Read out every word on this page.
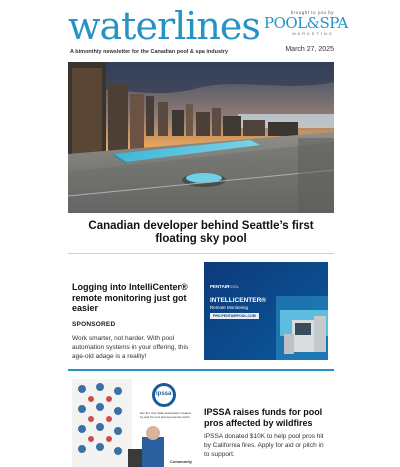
waterlines
A bimonthly newsletter for the Canadian pool & spa industry
brought to you by
POOL&SPA
MARKETING
March 27, 2025
Canadian developer behind Seattle’s first floating sky pool
Logging into IntelliCenter® remote monitoring just got easier
SPONSORED
Work smarter, not harder. With pool automation systems in your offering, this age-old adage is a reality!
PENTAIR
POOL
INTELLICENTER®
Remote Monitoring
PRO.PENTAIRPOOL.COM
ipssa
Join the only trade association created by and for pool and spa service techs
Community
IPSSA raises funds for pool pros affected by wildfires
IPSSA donated $10K to help pool pros hit by California fires. Apply for aid or pitch in to support.
